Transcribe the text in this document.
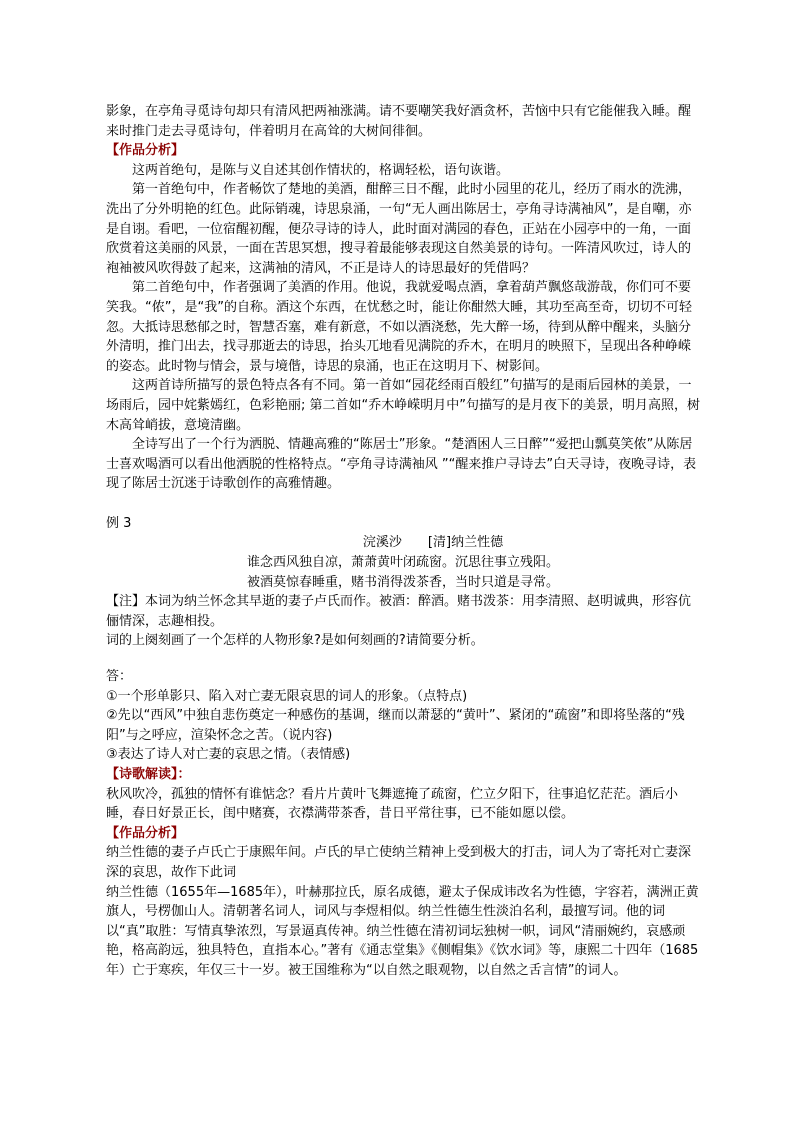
影象，在亭角寻觅诗句却只有清风把两袖涨满。请不要嘲笑我好酒贪杯，苦恼中只有它能催我入睡。醒来时推门走去寻觅诗句，伴着明月在高耸的大树间徘徊。

【作品分析】

这两首绝句，是陈与义自述其创作情状的，格调轻松，语句诙谐。

第一首绝句中，作者畅饮了楚地的美酒，酣醉三日不醒，此时小园里的花儿，经历了雨水的洗沸，洗出了分外明艳的红色。此际销魂，诗思泉涌，一句“无人画出陈居士，亭角寻诗满袖风”，是自嘲，亦是自诩。看吧，一位宿醒初醒，便尕寻诗的诗人，此时面对满园的春色，正站在小园亭中的一角，一面欣赏着这美丽的风景，一面在苦思冥想，搜寻着最能够表现这自然美景的诗句。一阵清风吹过，诗人的袍袖被风吹得鼓了起来，这满袖的清风，不正是诗人的诗思最好的凭借吗？

第二首绝句中，作者强调了美酒的作用。他说，我就爱喝点酒，拿着葫芦飘悠哉游哉，你们可不要笑我。“侬”，是“我”的自称。酒这个东西，在忧愁之时，能让你酣然大睡，其功至高至奇，切切不可轻忽。大抵诗思愁郁之时，智慧否塞，难有新意，不如以酒浇愁，先大醉一场，待到从醉中醒来，头脑分外清明，推门出去，找寻那逝去的诗思，抬头兀地看见满院的乔木，在明月的映照下，呈现出各种峥嵘的姿态。此时物与情会，景与境偕，诗思的泉涌，也正在这明月下、树影间。

这两首诗所描写的景色特点各有不同。第一首如“园花经雨百般红”句描写的是雨后园林的美景，一场雨后，园中姹紫嫣红，色彩艳丽; 第二首如“乔木峥嵘明月中”句描写的是月夜下的美景，明月高照，树木高耸峭拔，意境清幽。

全诗写出了一个行为洒脱、情趣高雅的“陈居士”形象。“楚酒困人三日醉”“爱把山瓢莫笑侬”从陈居士喜欢喝酒可以看出他洒脱的性格特点。“亭角寻诗满袖风 ”“醒来推户寻诗去”白天寻诗，夜晚寻诗，表现了陈居士沉迷于诗歌创作的高雅情趣。

例 3

浣溪沙 [清]纳兰性德

谁念西风独自凉，萧萧黄叶闭疏窗。沉思往事立残阳。

被酒莫惊春睡重，赌书消得泼茶香，当时只道是寻常。

【注】本词为纳兰怀念其早逝的妻子卢氏而作。被酒：醉酒。赌书泼茶：用李清照、赵明诚典，形容伉俪情深，志趣相投。

词的上阕刻画了一个怎样的人物形象?是如何刻画的?请简要分析。

答：

①一个形单影只、陷入对亡妻无限哀思的词人的形象。（点特点)

②先以“西风”中独自悲伤奠定一种感伤的基调，继而以萧瑟的“黄叶”、紧闭的“疏窗”和即将坠落的“残阳”与之呼应，渲染怀念之苦。（说内容)

③表达了诗人对亡妻的哀思之情。（表情感)

【诗歌解读】：

秋风吹冷，孤独的情怀有谁惦念？看片片黄叶飞舞遮掩了疏窗，伫立夕阳下，往事追忆茫茫。酒后小睡，春日好景正长，闺中赌赛，衣襟满带茶香，昔日平常往事，已不能如愿以偿。

【作品分析】

纳兰性德的妻子卢氏亡于康熙年间。卢氏的早亡使纳兰精神上受到极大的打击，词人为了寄托对亡妻深深的哀思，故作下此词

纳兰性德（1655年—1685年），叶赫那拉氏，原名成德，避太子保成讳改名为性德，字容若，满洲正黄旗人，号楞伽山人。清朝著名词人，词风与李煜相似。纳兰性德生性淡泊名利，最擅写词。他的词以“真”取胜：写情真挚浓烈，写景逼真传神。纳兰性德在清初词坛独树一帜，词风“清丽婉约，哀感顽艳，格高韵远，独具特色，直指本心。”著有《通志堂集》《侧帽集》《饮水词》等，康熙二十四年（1685年）亡于寒疾，年仅三十一岁。被王国维称为“以自然之眼观物，以自然之舌言情”的词人。
